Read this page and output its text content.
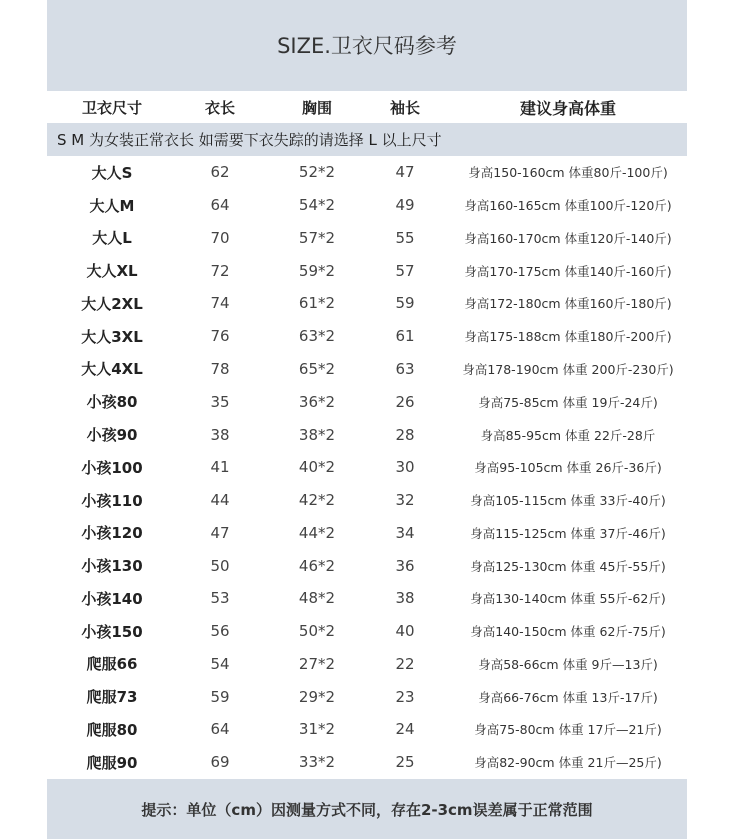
SIZE.卫衣尺码参考
卫衣尺寸	衣长	胸围	袖长	建议身高体重
S M 为女装正常衣长 如需要下衣失踪的请选择 L 以上尺寸
大人S	62	52*2	47	身高150-160cm 体重80斤-100斤)
大人M	64	54*2	49	身高160-165cm 体重100斤-120斤)
大人L	70	57*2	55	身高160-170cm 体重120斤-140斤)
大人XL	72	59*2	57	身高170-175cm 体重140斤-160斤)
大人2XL	74	61*2	59	身高172-180cm 体重160斤-180斤)
大人3XL	76	63*2	61	身高175-188cm 体重180斤-200斤)
大人4XL	78	65*2	63	身高178-190cm 体重 200斤-230斤)
小孩80	35	36*2	26	身高75-85cm 体重 19斤-24斤)
小孩90	38	38*2	28	身高85-95cm 体重 22斤-28斤
小孩100	41	40*2	30	身高95-105cm 体重 26斤-36斤)
小孩110	44	42*2	32	身高105-115cm 体重 33斤-40斤)
小孩120	47	44*2	34	身高115-125cm 体重 37斤-46斤)
小孩130	50	46*2	36	身高125-130cm 体重 45斤-55斤)
小孩140	53	48*2	38	身高130-140cm 体重 55斤-62斤)
小孩150	56	50*2	40	身高140-150cm 体重 62斤-75斤)
爬服66	54	27*2	22	身高58-66cm 体重 9斤—13斤)
爬服73	59	29*2	23	身高66-76cm 体重 13斤-17斤)
爬服80	64	31*2	24	身高75-80cm 体重 17斤—21斤)
爬服90	69	33*2	25	身高82-90cm 体重 21斤—25斤)
提示：单位（cm）因测量方式不同，存在2-3cm误差属于正常范围
